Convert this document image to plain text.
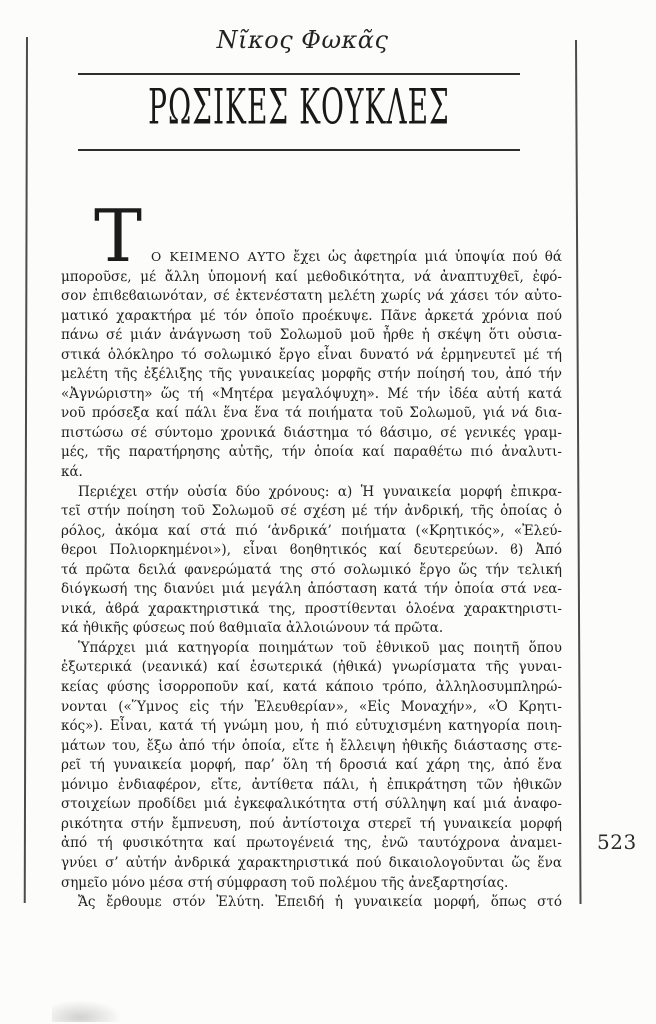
Νῖκος Φωκᾶς
ΡΩΣΙΚΕΣ ΚΟΥΚΛΕΣ
Τ Ο ΚΕΙΜΕΝΟ ΑΥΤΟ ἔχει ὡς ἀφετηρία μιά ὑποψία πού θά
μποροῦσε, μέ ἄλλη ὑπομονή καί μεθοδικότητα, νά ἀναπτυχθεῖ, ἐφό-
σον ἐπιϐεϐαιωνόταν, σέ ἐκτενέστατη μελέτη χωρίς νά χάσει τόν αὐτο-
ματικό χαρακτήρα μέ τόν ὁποῖο προέκυψε. Πᾶνε ἀρκετά χρόνια πού
πάνω σέ μιάν ἀνάγνωση τοῦ Σολωμοῦ μοῦ ἦρθε ἡ σκέψη ὅτι οὐσια-
στικά ὁλόκληρο τό σολωμικό ἔργο εἶναι δυνατό νά ἑρμηνευτεῖ μέ τή
μελέτη τῆς ἐξέλιξης τῆς γυναικείας μορφῆς στήν ποίησή του, ἀπό τήν
«Ἀγνώριστη» ὥς τή «Μητέρα μεγαλόψυχη». Μέ τήν ἰδέα αὐτή κατά
νοῦ πρόσεξα καί πάλι ἕνα ἕνα τά ποιήματα τοῦ Σολωμοῦ, γιά νά δια-
πιστώσω σέ σύντομο χρονικά διάστημα τό ϐάσιμο, σέ γενικές γραμ-
μές, τῆς παρατήρησης αὐτῆς, τήν ὁποία καί παραθέτω πιό ἀναλυτι-
κά.
Περιέχει στήν οὐσία δύο χρόνους: α) Ἡ γυναικεία μορφή ἐπικρα-
τεῖ στήν ποίηση τοῦ Σολωμοῦ σέ σχέση μέ τήν ἀνδρική, τῆς ὁποίας ὁ
ρόλος, ἀκόμα καί στά πιό ‘ἀνδρικά’ ποιήματα («Κρητικός», «Ἐλεύ-
θεροι Πολιορκημένοι»), εἶναι ϐοηθητικός καί δευτερεύων. ϐ) Ἀπό
τά πρῶτα δειλά φανερώματά της στό σολωμικό ἔργο ὥς τήν τελική
διόγκωσή της διανύει μιά μεγάλη ἀπόσταση κατά τήν ὁποία στά νεα-
νικά, ἁϐρά χαρακτηριστικά της, προστίθενται ὁλοένα χαρακτηριστι-
κά ἠθικῆς φύσεως πού ϐαθμιαῖα ἀλλοιώνουν τά πρῶτα.
Ὑπάρχει μιά κατηγορία ποιημάτων τοῦ ἐθνικοῦ μας ποιητῆ ὅπου
ἐξωτερικά (νεανικά) καί ἐσωτερικά (ἠθικά) γνωρίσματα τῆς γυναι-
κείας φύσης ἰσορροποῦν καί, κατά κάποιο τρόπο, ἀλληλοσυμπληρώ-
νονται («Ὕμνος εἰς τήν Ἐλευθερίαν», «Εἰς Μοναχήν», «Ὁ Κρητι-
κός»). Εἶναι, κατά τή γνώμη μου, ἡ πιό εὐτυχισμένη κατηγορία ποιη-
μάτων του, ἔξω ἀπό τήν ὁποία, εἴτε ἡ ἔλλειψη ἠθικῆς διάστασης στε-
ρεῖ τή γυναικεία μορφή, παρ’ ὅλη τή δροσιά καί χάρη της, ἀπό ἕνα
μόνιμο ἐνδιαφέρον, εἴτε, ἀντίθετα πάλι, ἡ ἐπικράτηση τῶν ἠθικῶν
στοιχείων προδίδει μιά ἐγκεφαλικότητα στή σύλληψη καί μιά ἀναφο-
ρικότητα στήν ἔμπνευση, πού ἀντίστοιχα στερεῖ τή γυναικεία μορφή
ἀπό τή φυσικότητα καί πρωτογένειά της, ἐνῶ ταυτόχρονα ἀναμει-
γνύει σ’ αὐτήν ἀνδρικά χαρακτηριστικά πού δικαιολογοῦνται ὥς ἕνα
σημεῖο μόνο μέσα στή σύμφραση τοῦ πολέμου τῆς ἀνεξαρτησίας.
Ἄς ἔρθουμε στόν Ἐλύτη. Ἐπειδή ἡ γυναικεία μορφή, ὅπως στό
523
